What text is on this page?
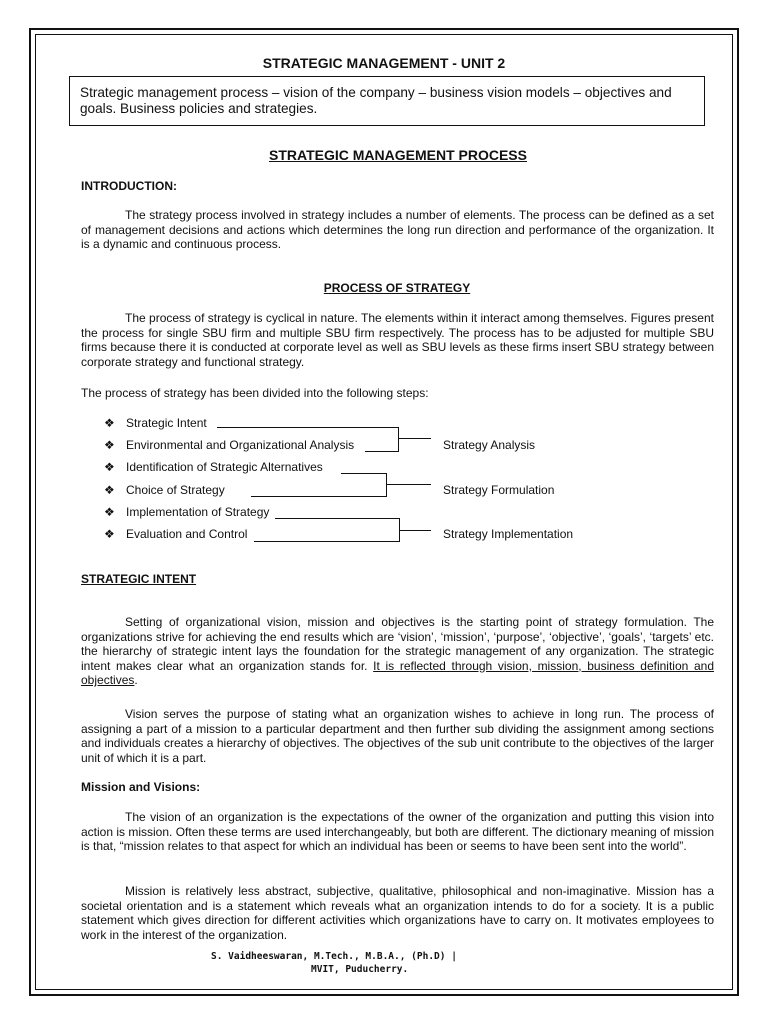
STRATEGIC MANAGEMENT - UNIT 2
Strategic management process – vision of the company – business vision models – objectives and goals. Business policies and strategies.
STRATEGIC MANAGEMENT PROCESS
INTRODUCTION:
The strategy process involved in strategy includes a number of elements. The process can be defined as a set of management decisions and actions which determines the long run direction and performance of the organization. It is a dynamic and continuous process.
PROCESS OF STRATEGY
The process of strategy is cyclical in nature. The elements within it interact among themselves. Figures present the process for single SBU firm and multiple SBU firm respectively. The process has to be adjusted for multiple SBU firms because there it is conducted at corporate level as well as SBU levels as these firms insert SBU strategy between corporate strategy and functional strategy.
The process of strategy has been divided into the following steps:
❖ Strategic Intent
❖ Environmental and Organizational Analysis
❖ Identification of Strategic Alternatives
❖ Choice of Strategy
❖ Implementation of Strategy
❖ Evaluation and Control
Strategy Analysis
Strategy Formulation
Strategy Implementation
STRATEGIC INTENT
Setting of organizational vision, mission and objectives is the starting point of strategy formulation. The organizations strive for achieving the end results which are ‘vision’, ‘mission’, ‘purpose’, ‘objective’, ‘goals’, ‘targets’ etc. the hierarchy of strategic intent lays the foundation for the strategic management of any organization. The strategic intent makes clear what an organization stands for. It is reflected through vision, mission, business definition and objectives.
Vision serves the purpose of stating what an organization wishes to achieve in long run. The process of assigning a part of a mission to a particular department and then further sub dividing the assignment among sections and individuals creates a hierarchy of objectives. The objectives of the sub unit contribute to the objectives of the larger unit of which it is a part.
Mission and Visions:
The vision of an organization is the expectations of the owner of the organization and putting this vision into action is mission. Often these terms are used interchangeably, but both are different. The dictionary meaning of mission is that, “mission relates to that aspect for which an individual has been or seems to have been sent into the world”.
Mission is relatively less abstract, subjective, qualitative, philosophical and non-imaginative. Mission has a societal orientation and is a statement which reveals what an organization intends to do for a society. It is a public statement which gives direction for different activities which organizations have to carry on. It motivates employees to work in the interest of the organization.
S. Vaidheeswaran, M.Tech., M.B.A., (Ph.D) |
MVIT, Puducherry.
